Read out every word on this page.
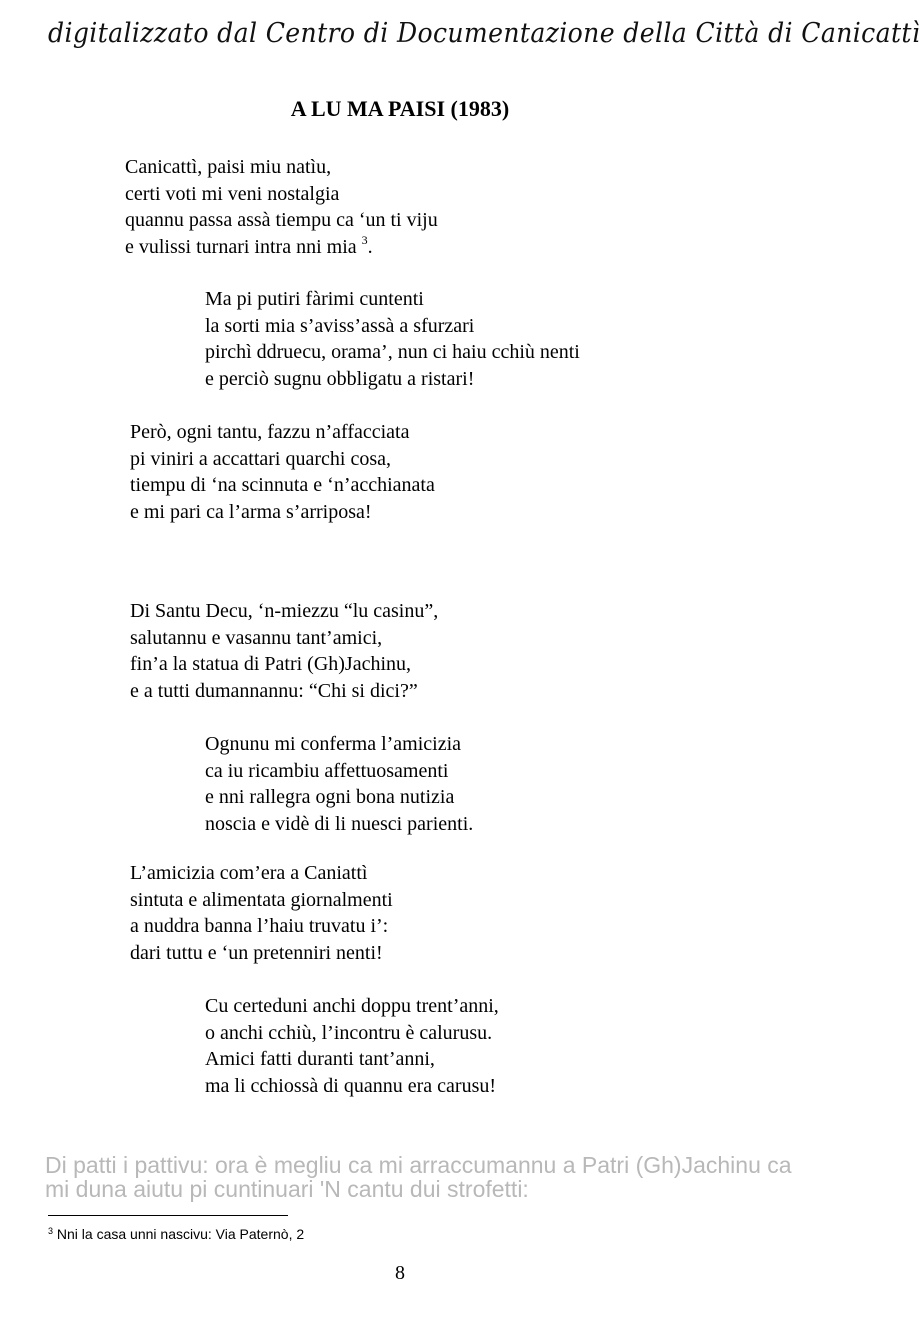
digitalizzato dal Centro di Documentazione della Città di Canicattì
A LU MA PAISI (1983)
Canicattì, paisi miu natìu,
certi voti mi veni nostalgia
quannu passa assà tiempu ca ‘un ti viju
e vulissi turnari intra nni mia $^3$.
Ma pi putiri fàrimi cuntenti
la sorti mia s’aviss’assà a sfurzari
pirchì ddruecu, orama’, nun ci haiu cchiù nenti
e perciò sugnu obbligatu a ristari!
Però, ogni tantu, fazzu n’affacciata
pi viniri a accattari quarchi cosa,
tiempu di ‘na scinnuta e ‘n’acchianata
e mi pari ca l’arma s’arriposa!
Di Santu Decu, ‘n-miezzu “lu casinu”,
salutannu e vasannu tant’amici,
fin’a la statua di Patri (Gh)Jachinu,
e a tutti dumannannu: “Chi si dici?”
Ognunu mi conferma l’amicizia
ca iu ricambiu affettuosamenti
e nni rallegra ogni bona nutizia
noscia e vidè di li nuesci parienti.
L’amicizia com’era a Caniattì
sintuta e alimentata giornalmenti
a nuddra banna l’haiu truvatu i’:
dari tuttu e ‘un pretenniri nenti!
Cu certeduni anchi doppu trent’anni,
o anchi cchiù, l’incontru è calurusu.
Amici fatti duranti tant’anni,
ma li cchiossà di quannu era carusu!
Di patti i pattivu: ora è megliu ca mi arraccumannu a Patri (Gh)Jachinu ca
mi duna aiutu pi cuntinuari 'N cantu dui strofetti:
$^3$ Nni la casa unni nascivu: Via Paternò, 2
8
